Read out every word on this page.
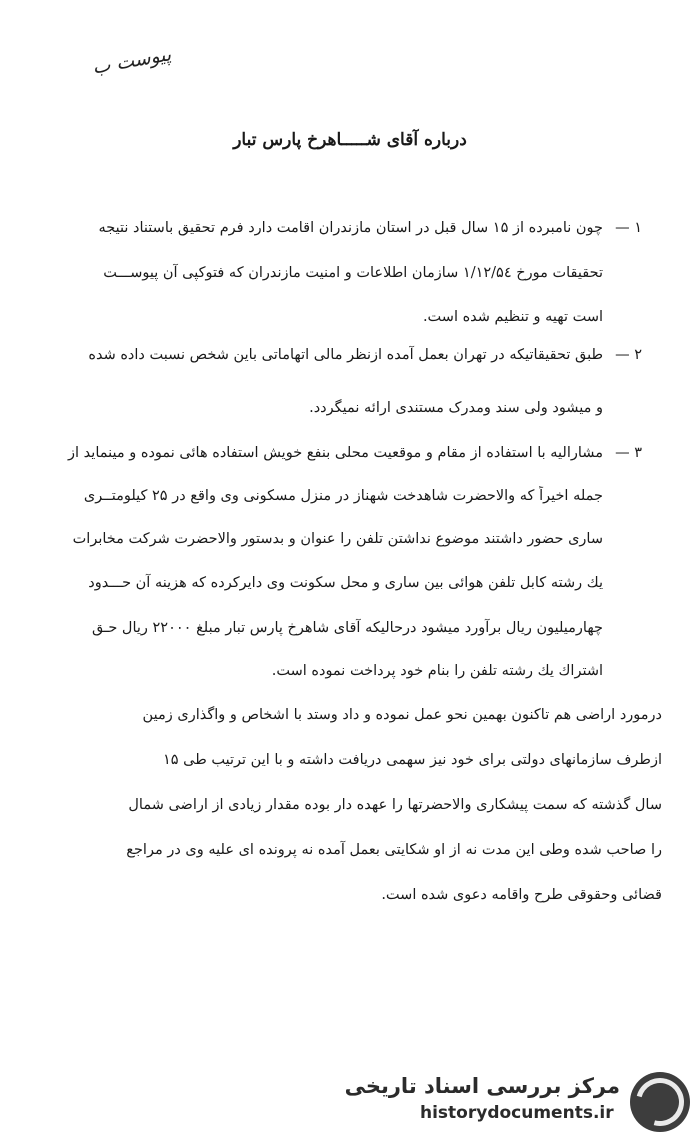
پیوست ب
درباره آقای شـــــاهرخ پارس تبار
۱ —
چون نامبرده از ۱۵ سال قبل در استان مازندران اقامت دارد فرم تحقیق باستناد نتیجه
تحقیقات مورخ ۱/۱۲/۵٤ سازمان اطلاعات و امنیت مازندران که فتوکپی آن پیوســـت
است تهیه و تنظیم شده است.
۲ —
طبق تحقیقاتیکه در تهران بعمل آمده ازنظر مالی اتهاماتی باین شخص نسبت داده شده
و میشود ولی سند ومدرک مستندی ارائه نمیگردد.
۳ —
مشارالیه با استفاده از مقام و موقعیت محلی بنفع خویش استفاده هائی نموده و مینماید از
جمله اخیراً که والاحضرت شاهدخت شهناز در منزل مسکونی وی واقع در ۲۵ کیلومتــری
ساری حضور داشتند موضوع نداشتن تلفن را عنوان و بدستور والاحضرت شرکت مخابرات
یك رشته کابل تلفن هوائی بین ساری و محل سکونت وی دایرکرده که هزینه آن حـــدود
چهارمیلیون ریال برآورد میشود درحالیکه آقای شاهرخ پارس تبار مبلغ ۲۲۰۰۰ ریال حـق
اشتراك یك رشته تلفن را بنام خود پرداخت نموده است.
درمورد اراضی هم تاکنون بهمین نحو عمل نموده و داد وستد با اشخاص و واگذاری زمین
ازطرف سازمانهای دولتی برای خود نیز سهمی دریافت داشته و با این ترتیب طی ۱۵
سال گذشته که سمت پیشکاری والاحضرتها را عهده دار بوده مقدار زیادی از اراضی شمال
را صاحب شده وطی این مدت نه از او شکایتی بعمل آمده نه پرونده ای علیه وی در مراجع
قضائی وحقوقی طرح واقامه دعوی شده است.
مرکز بررسی اسناد تاریخی
historydocuments.ir
